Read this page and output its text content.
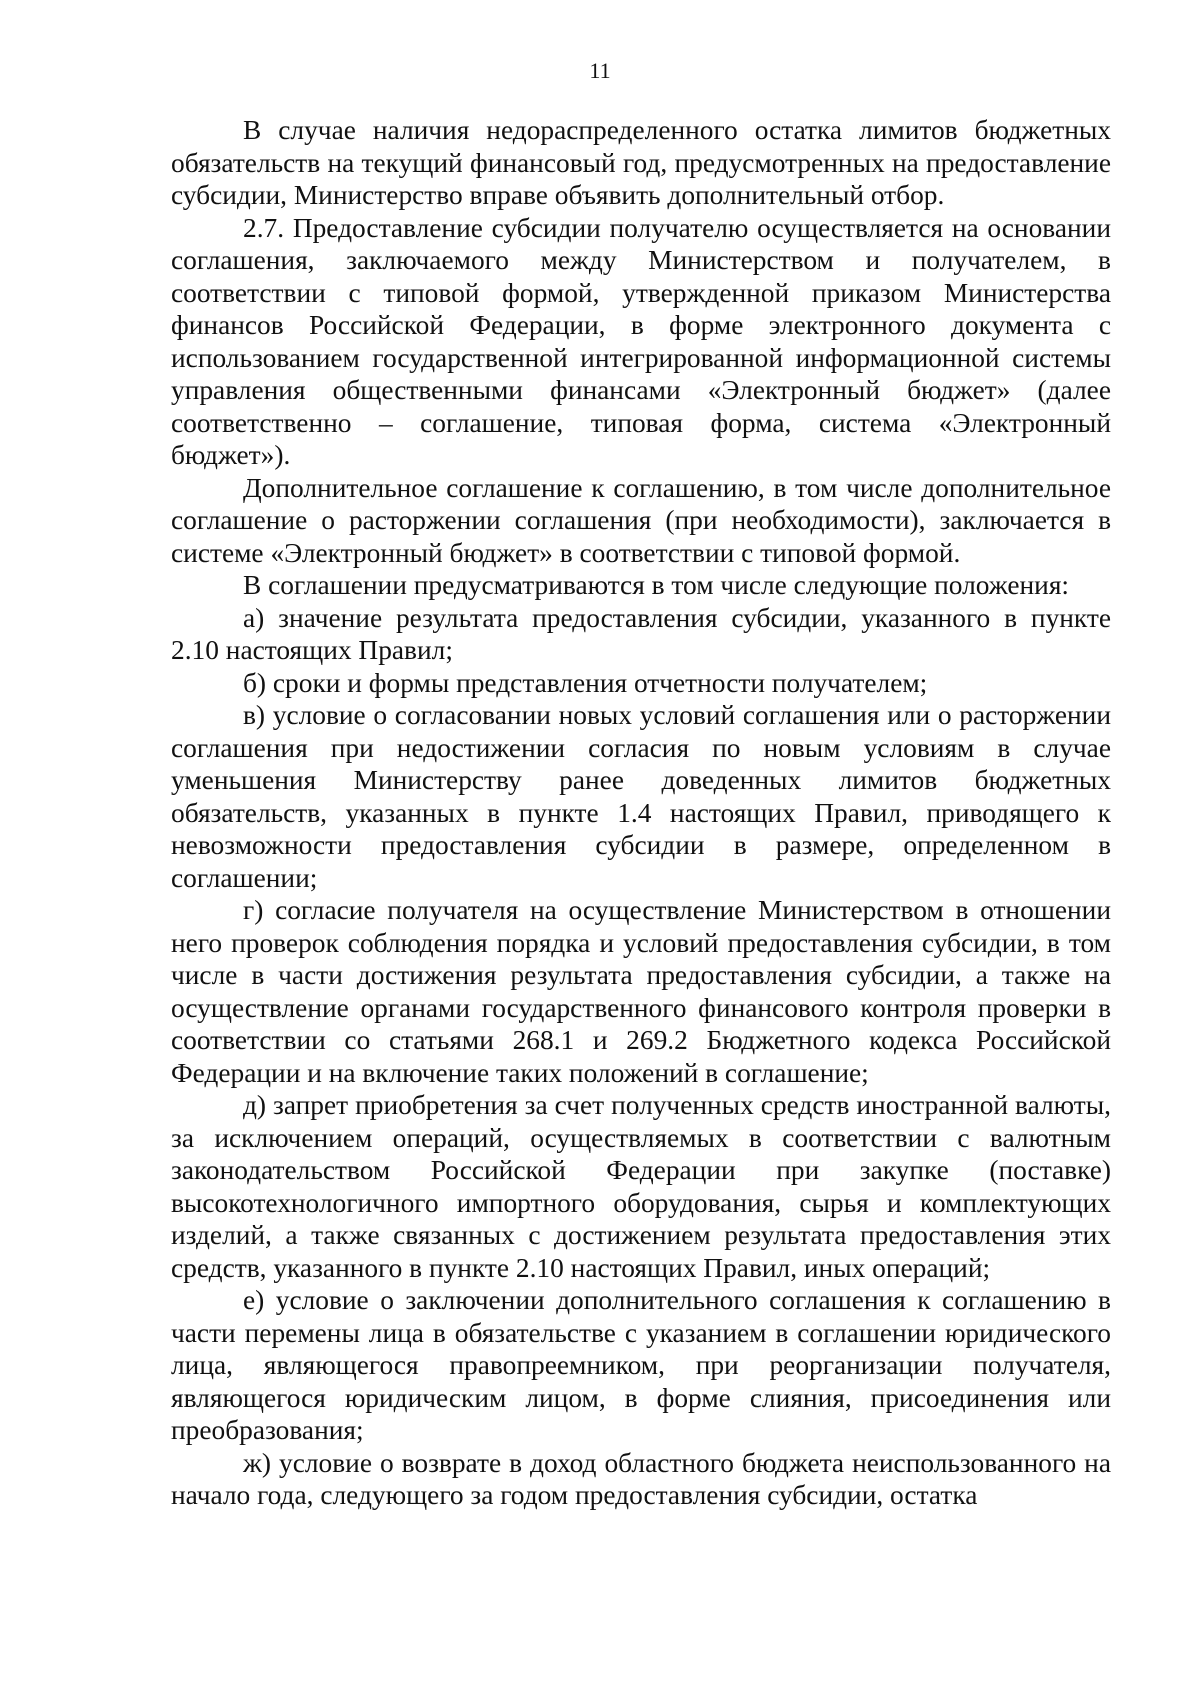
11

В случае наличия недораспределенного остатка лимитов бюджетных обязательств на текущий финансовый год, предусмотренных на предоставление субсидии, Министерство вправе объявить дополнительный отбор.

2.7. Предоставление субсидии получателю осуществляется на основании соглашения, заключаемого между Министерством и получателем, в соответствии с типовой формой, утвержденной приказом Министерства финансов Российской Федерации, в форме электронного документа с использованием государственной интегрированной информационной системы управления общественными финансами «Электронный бюджет» (далее соответственно – соглашение, типовая форма, система «Электронный бюджет»).

Дополнительное соглашение к соглашению, в том числе дополнительное соглашение о расторжении соглашения (при необходимости), заключается в системе «Электронный бюджет» в соответствии с типовой формой.

В соглашении предусматриваются в том числе следующие положения:

а) значение результата предоставления субсидии, указанного в пункте 2.10 настоящих Правил;

б) сроки и формы представления отчетности получателем;

в) условие о согласовании новых условий соглашения или о расторжении соглашения при недостижении согласия по новым условиям в случае уменьшения Министерству ранее доведенных лимитов бюджетных обязательств, указанных в пункте 1.4 настоящих Правил, приводящего к невозможности предоставления субсидии в размере, определенном в соглашении;

г) согласие получателя на осуществление Министерством в отношении него проверок соблюдения порядка и условий предоставления субсидии, в том числе в части достижения результата предоставления субсидии, а также на осуществление органами государственного финансового контроля проверки в соответствии со статьями 268.1 и 269.2 Бюджетного кодекса Российской Федерации и на включение таких положений в соглашение;

д) запрет приобретения за счет полученных средств иностранной валюты, за исключением операций, осуществляемых в соответствии с валютным законодательством Российской Федерации при закупке (поставке) высокотехнологичного импортного оборудования, сырья и комплектующих изделий, а также связанных с достижением результата предоставления этих средств, указанного в пункте 2.10 настоящих Правил, иных операций;

е) условие о заключении дополнительного соглашения к соглашению в части перемены лица в обязательстве с указанием в соглашении юридического лица, являющегося правопреемником, при реорганизации получателя, являющегося юридическим лицом, в форме слияния, присоединения или преобразования;

ж) условие о возврате в доход областного бюджета неиспользованного на начало года, следующего за годом предоставления субсидии, остатка
